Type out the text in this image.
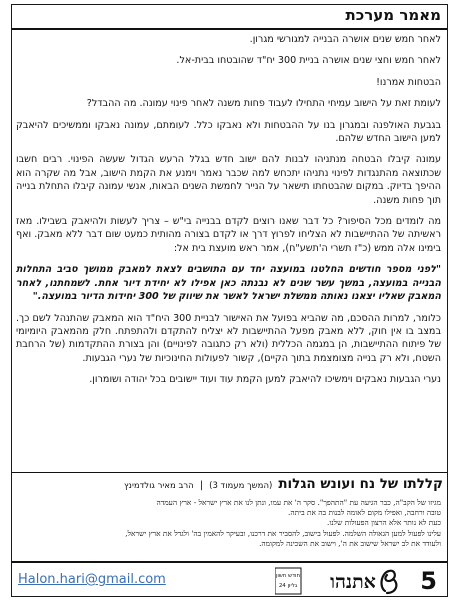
מאמר מערכת

לאחר חמש שנים אושרה הבנייה למגורשי מגרון.

לאחר חמש וחצי שנים אושרה בניית 300 יח"ד שהובטחו בבית-אל.

הבטחות אמרנו!

לעומת זאת על הישוב עמיחי התחילו לעבוד פחות משנה לאחר פינוי עמונה. מה ההבדל?

בגבעת האולפנה ובמגרון בנו על ההבטחות ולא נאבקו כלל. לעומתם, עמונה נאבקו וממשיכים להיאבק למען הישוב החדש שלהם.

עמונה קיבלו הבטחה מנתניהו לבנות להם ישוב חדש בגלל הרעש הגדול שעשה הפינוי. רבים חשבו שכתוצאה מהתנגדות לפינוי נתניהו יתכחש למה שכבר נאמר וימנע את הקמת הישוב, אבל מה שקרה הוא ההיפך בדיוק. במקום שהבטחתו תישאר על הנייר לחמשת השנים הבאות, אנשי עמונה קיבלו התחלת בנייה תוך פחות משנה.

מה לומדים מכל הסיפור? כל דבר שאנו רוצים לקדם בבנייה בי"ש – צריך לעשות ולהיאבק בשבילו. מאז ראשיתה של ההתיישבות לא הצליחו לפרוץ דרך או לקדם בצורה מהותית כמעט שום דבר ללא מאבק. ואף בימינו אלה ממש (כ"ז תשרי ה'תשע"ח), אמר ראש מועצת בית אל:

"לפני מספר חודשים החלטנו במועצה יחד עם התושבים לצאת למאבק ממושך סביב התחלות הבנייה במועצה, במשך עשר שנים לא נבנתה כאן אפילו לא יחידת דיור אחת. לשמחתנו, לאחר המאבק שאליו יצאנו נאותה ממשלת ישראל לאשר את שיווק של 300 יחידות הדיור במועצה."

כלומר, למרות ההסכם, מה שהביא בפועל את האישור לבניית 300 היח"ד הוא המאבק שהתנהל לשם כך. במצב בו אין חוק, ללא מאבק מפעל ההתיישבות לא יצליח להתקדם ולהתפתח. חלק מהמאבק היומיומי של פיתוח ההתיישבות, הן במגמה הכללית (ולא רק כתגובה לפינויים) והן בצורת ההתקדמות (של הרחבת השטח, ולא רק בנייה מצומצמת בתוך הקיים), קשור לפעולות החינוכיות של נערי הגבעות.

נערי הגבעות נאבקים וימשיכו להיאבק למען הקמת עוד ועוד יישובים בכל יהודה ושומרון.

קללתו של נח ועונש הגלות
(המשך מעמוד 3)
|
הרב מאיר גולדמינץ

מגיזו של הקב"ה, כבר הגיעה עת "התהפך". סקר ה' את עמו, ונתן לנו את ארץ ישראל - ארץ העמדה

טובה ורחבה, ואפילו מקום לאומה לבנות בה את ביתה.

כעת לא נותר אלא הרצון הפעולות שלנו.

עלינו לפעול למען הגאולה השלמה. לפעול בישוב, להסביר את דרכנו, ובעיקר להאמין בה' ולגדל את ארץ ישראל,

ולעודד את לב ישראל שישוב את ה', וישוב את השכינה למקומה.

5
חודש חשון
גליון 24 אתנהו
Halon.hari@gmail.com
